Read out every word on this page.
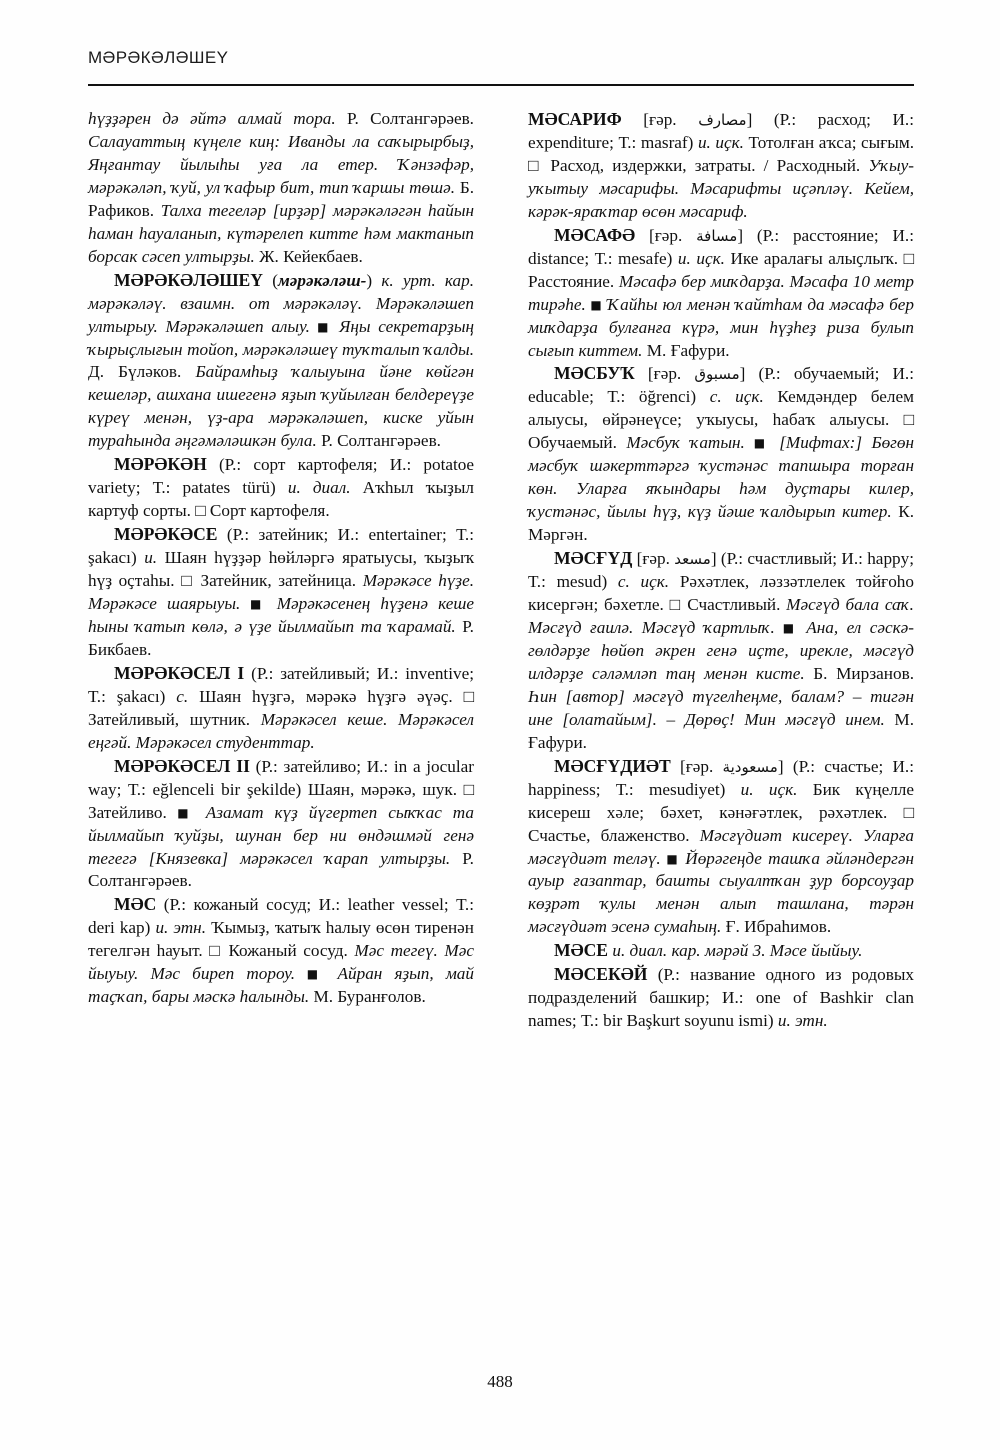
МӘРӘКӘЛӘШЕY

һүҙҙәрен дә әйтә алмай тора. Р. Солтангәрәев. Салауаттың күңеле киң: Иванды ла саҡырырбыҙ, Яңғантау йылыһы уға ла етер. Ҡәнзәфәр, мәрәкәләп, ҡуй, ул ҡафыр бит, тип ҡаршы төшә. Б. Рафиков. Талха тегеләр [ирҙәр] мәрәкәләгән һайын һаман һауаланып, күтәрелеп китте һәм мактанып борсак сәсеп ултырҙы. Ж. Кейекбаев.

МӘРӘКӘЛӘШЕY (мәрәкәләш-) к. урт. кар. мәрәкәләү. взаимн. от мәрәкәләү. Мәрәкәләшеп ултырыу. Мәрәкәләшеп алыу. ■ Яңы секретарҙың ҡырыҫлығын тойоп, мәрәкәләшеү туҡталып ҡалды. Д. Бүләков. Байрамһыҙ ҡалыуына йәне көйгән кешеләр, ашхана ишегенә яҙып ҡуйылған белдереүҙе күреү менән, үҙ-ара мәрәкәләшеп, киске уйын тураһында әңгәмәләшкән була. Р. Солтангәрәев.

МӘРӘКӘН (Р.: сорт картофеля; И.: potatoe variety; Т.: patates türü) и. диал. Аҡһыл ҡыҙыл картуф сорты. □ Сорт картофеля.

МӘРӘКӘСЕ (Р.: затейник; И.: entertainer; Т.: şakacı) и. Шаян һүҙҙәр һөйләргә яратыусы, ҡыҙыҡ һүҙ оҫтаһы. □ Затейник, затейница. Мәрәкәсе һүҙе. Мәрәкәсе шаярыуы. ■ Мәрәкәсенең һүҙенә кеше һыны ҡатып көлә, ә үҙе йылмайып та ҡарамай. Р. Бикбаев.

МӘРӘКӘСЕЛ I (Р.: затейливый; И.: inventive; Т.: şakacı) с. Шаян һүҙгә, мәрәкә һүҙгә әүәҫ. □ Затейливый, шутник. Мәрәкәсел кеше. Мәрәкәсел еңгәй. Мәрәкәсел студенттар.

МӘРӘКӘСЕЛ II (Р.: затейливо; И.: in a jocular way; Т.: eğlenceli bir şekilde) Шаян, мәрәкә, шук. □ Затейливо. ■ Азамат күҙ йүгертеп сыҡҡас та йылмайып ҡуйҙы, шунан бер ни өндәшмәй генә тегегә [Князевка] мәрәкәсел ҡарап ултырҙы. Р. Солтангәрәев.

МӘС (Р.: кожаный сосуд; И.: leather vessel; Т.: deri kap) и. этн. Ҡымыҙ, ҡатыҡ һалыу өсөн тиренән тегелгән һауыт. □ Кожаный сосуд. Мәс тегеү. Мәс йыуыу. Мәс биреп тороу. ■ Айран яҙып, май таҫҡап, бары мәскә һалынды. М. Буранғолов.

МӘСАРИФ [ғәр. مصارف] (Р.: расход; И.: expenditure; Т.: masraf) и. иҫк. Тотолған аҡса; сығым. □ Расход, издержки, затраты. / Расходный. Уҡыу-уҡытыу мәсарифы. Мәсарифты иҫәпләү. Кейем, кәрәк-яраҡтар өсөн мәсариф.

МӘСАФӘ [ғәр. مسافة] (Р.: расстояние; И.: distance; Т.: mesafe) и. иҫк. Ике аралағы алыҫлыҡ. □ Расстояние. Мәсафә бер миҡдарҙа. Мәсафа 10 метр тирәһе. ■ Ҡайһы юл менән ҡайтһам да мәсафә бер миҡдарҙа булғанға күрә, мин һүҙһеҙ риза булып сығып киттем. М. Ғафури.

МӘСБУҠ [ғәр. مسبوق] (Р.: обучаемый; И.: educable; Т.: öğrenci) с. иҫк. Кемдәндер белем алыусы, өйрәнеүсе; уҡыусы, һабаҡ алыусы. □ Обучаемый. Мәсбуҡ ҡатын. ■ [Мифтах:] Бөгөн мәсбуҡ шәкерттәргә ҡустәнәс тапшыра торған көн. Уларға яҡындары һәм дуҫтары килер, ҡустәнәс, йылы һүҙ, күҙ йәше ҡалдырып китер. К. Мәргән.

МӘСҒҮД [ғәр. مسعد] (Р.: счастливый; И.: happy; Т.: mesud) с. иҫк. Рәхәтлек, ләззәтлелек тойғоһо кисергән; бәхетле. □ Счастливый. Мәсғүд бала саҡ. Мәсғүд ғаилә. Мәсғүд ҡартлыҡ. ■ Ана, ел сәскә-гөлдәрҙе һөйөп әкрен генә иҫте, ирекле, мәсғүд илдәрҙе сәләмләп таң менән кисте. Б. Мирзанов. Һин [автор] мәсғүд түгелһеңме, балам? – тигән ине [олатайым]. – Дөрөҫ! Мин мәсғүд инем. М. Ғафури.

МӘСҒҮДИӘТ [ғәр. مسعودية] (Р.: счастье; И.: happiness; Т.: mesudiyet) и. иҫк. Бик күңелле кисереш хәле; бәхет, кәнәғәтлек, рәхәтлек. □ Счастье, блаженство. Мәсғүдиәт кисереү. Уларға мәсғүдиәт теләү. ■ Йөрәгеңде ташҡа әйләндергән ауыр ғазаптар, башты сыуалтҡан ҙур борсоуҙар көҙрәт ҡулы менән алып ташлана, тәрән мәсғүдиәт эсенә сумаһың. Ғ. Ибраһимов.

МӘСЕ и. диал. кар. мәрәй 3. Мәсе йыйыу.

МӘСЕКӘЙ (Р.: название одного из родовых подразделений башкир; И.: one of Bashkir clan names; Т.: bir Başkurt soyunu ismi) и. этн.

488
